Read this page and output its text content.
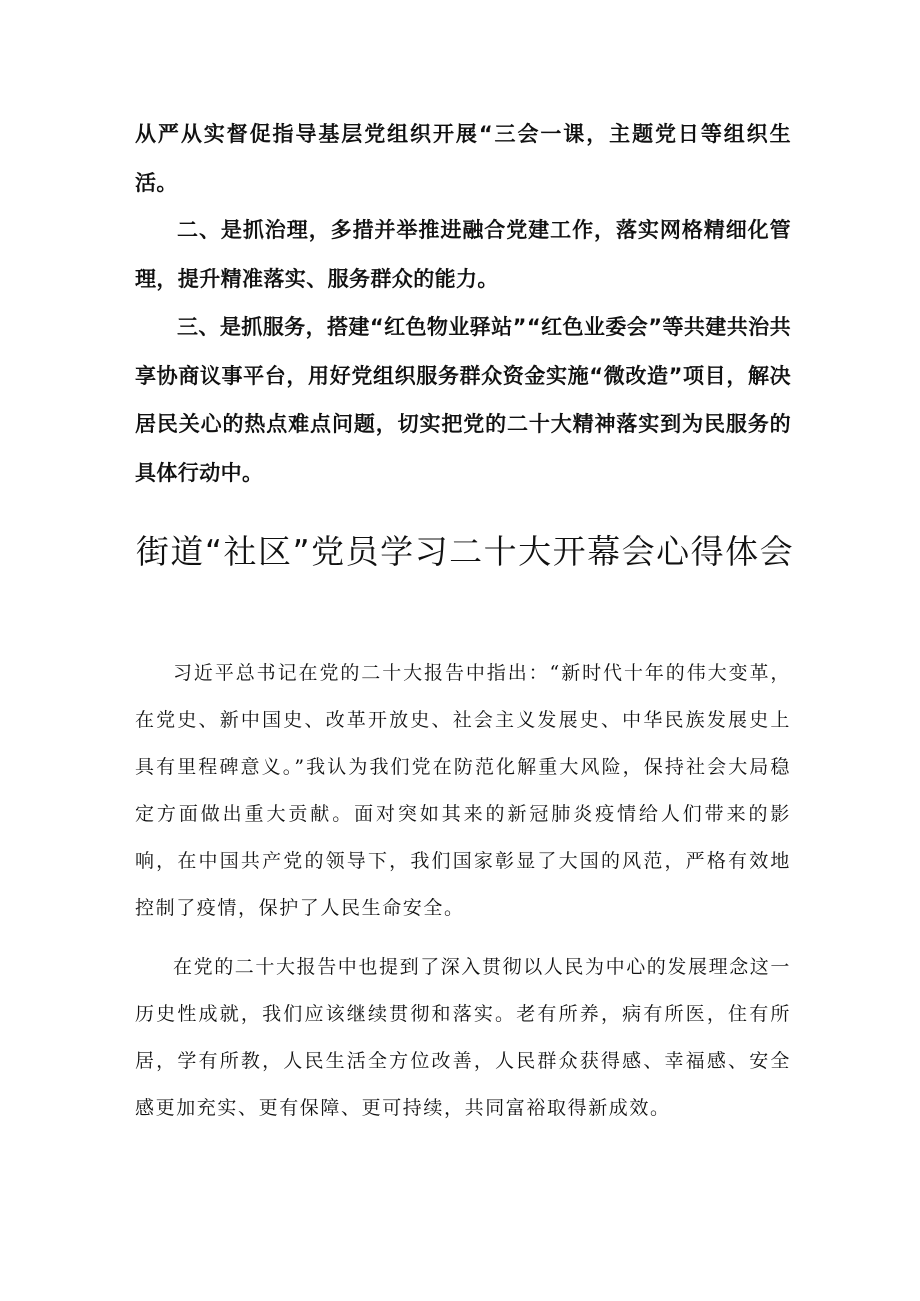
从严从实督促指导基层党组织开展“三会一课，主题党日等组织生活。

二、是抓治理，多措并举推进融合党建工作，落实网格精细化管理，提升精准落实、服务群众的能力。

三、是抓服务，搭建“红色物业驿站”“红色业委会”等共建共治共享协商议事平台，用好党组织服务群众资金实施“微改造”项目，解决居民关心的热点难点问题，切实把党的二十大精神落实到为民服务的具体行动中。

街道“社区”党员学习二十大开幕会心得体会

习近平总书记在党的二十大报告中指出：“新时代十年的伟大变革，在党史、新中国史、改革开放史、社会主义发展史、中华民族发展史上具有里程碑意义。”我认为我们党在防范化解重大风险，保持社会大局稳定方面做出重大贡献。面对突如其来的新冠肺炎疫情给人们带来的影响，在中国共产党的领导下，我们国家彰显了大国的风范，严格有效地控制了疫情，保护了人民生命安全。

在党的二十大报告中也提到了深入贯彻以人民为中心的发展理念这一历史性成就，我们应该继续贯彻和落实。老有所养，病有所医，住有所居，学有所教，人民生活全方位改善，人民群众获得感、幸福感、安全感更加充实、更有保障、更可持续，共同富裕取得新成效。
